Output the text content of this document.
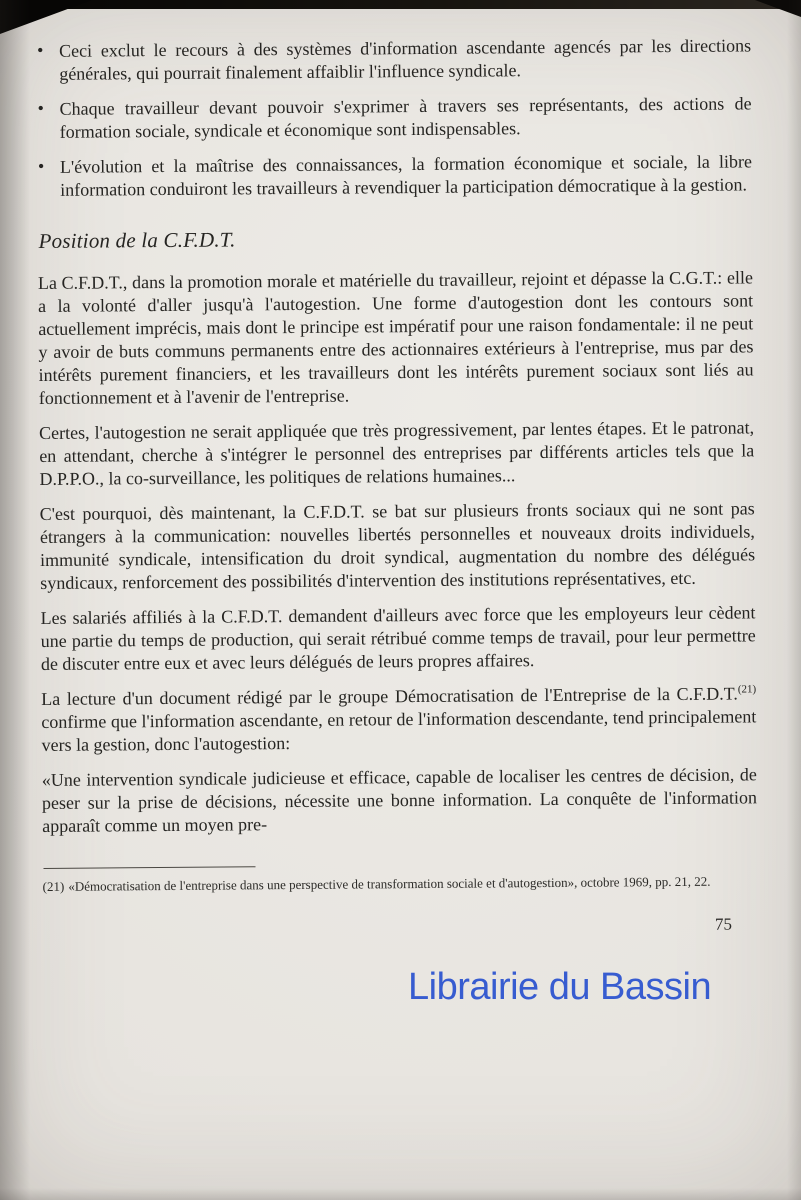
• Ceci exclut le recours à des systèmes d'information ascendante agencés par les directions générales, qui pourrait finalement affaiblir l'influence syndicale.
• Chaque travailleur devant pouvoir s'exprimer à travers ses représentants, des actions de formation sociale, syndicale et économique sont indispensables.
• L'évolution et la maîtrise des connaissances, la formation économique et sociale, la libre information conduiront les travailleurs à revendiquer la participation démocratique à la gestion.
Position de la C.F.D.T.

La C.F.D.T., dans la promotion morale et matérielle du travailleur, rejoint et dépasse la C.G.T.: elle a la volonté d'aller jusqu'à l'autogestion. Une forme d'autogestion dont les contours sont actuellement imprécis, mais dont le principe est impératif pour une raison fondamentale: il ne peut y avoir de buts communs permanents entre des actionnaires extérieurs à l'entreprise, mus par des intérêts purement financiers, et les travailleurs dont les intérêts purement sociaux sont liés au fonctionnement et à l'avenir de l'entreprise.

Certes, l'autogestion ne serait appliquée que très progressivement, par lentes étapes. Et le patronat, en attendant, cherche à s'intégrer le personnel des entreprises par différents articles tels que la D.P.P.O., la co-surveillance, les politiques de relations humaines...

C'est pourquoi, dès maintenant, la C.F.D.T. se bat sur plusieurs fronts sociaux qui ne sont pas étrangers à la communication: nouvelles libertés personnelles et nouveaux droits individuels, immunité syndicale, intensification du droit syndical, augmentation du nombre des délégués syndicaux, renforcement des possibilités d'intervention des institutions représentatives, etc.

Les salariés affiliés à la C.F.D.T. demandent d'ailleurs avec force que les employeurs leur cèdent une partie du temps de production, qui serait rétribué comme temps de travail, pour leur permettre de discuter entre eux et avec leurs délégués de leurs propres affaires.

La lecture d'un document rédigé par le groupe Démocratisation de l'Entreprise de la C.F.D.T.$^{(21)}$ confirme que l'information ascendante, en retour de l'information descendante, tend principalement vers la gestion, donc l'autogestion:

«Une intervention syndicale judicieuse et efficace, capable de localiser les centres de décision, de peser sur la prise de décisions, nécessite une bonne information. La conquête de l'information apparaît comme un moyen pre-

(21) «Démocratisation de l'entreprise dans une perspective de transformation sociale et d'autogestion», octobre 1969, pp. 21, 22.

75
Librairie du Bassin
